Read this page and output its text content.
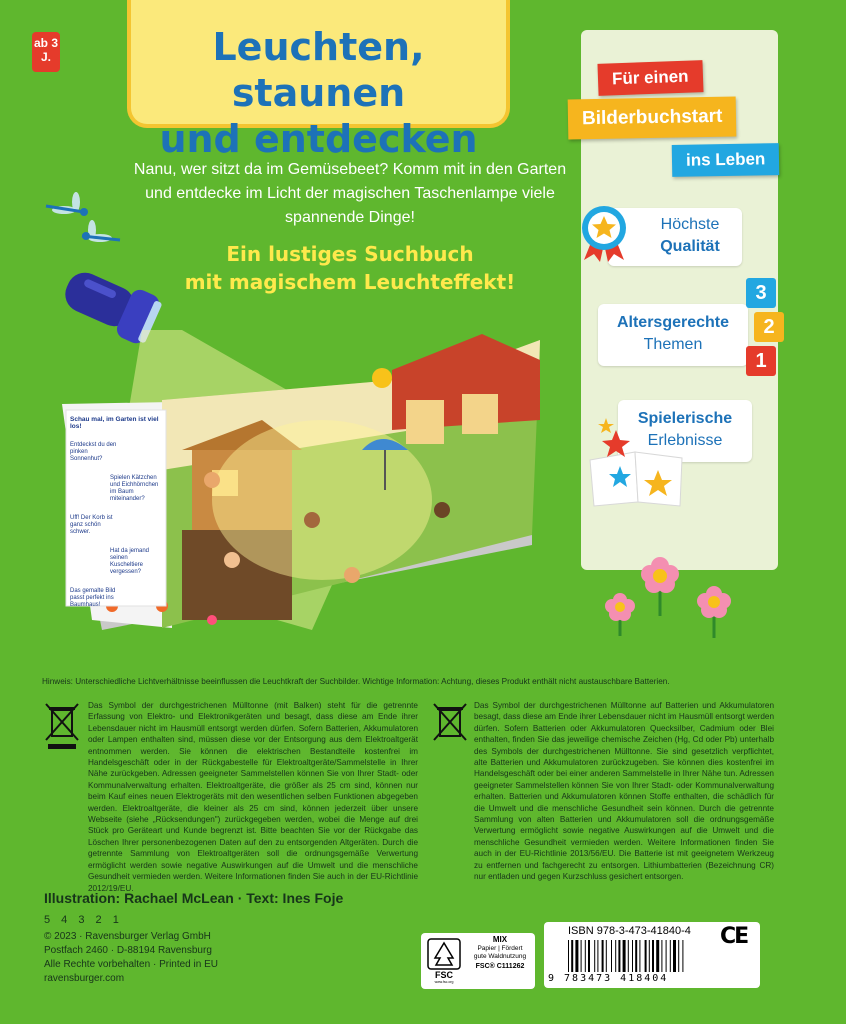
ab 3
J.	Leuchten, staunen
und entdecken
Nanu, wer sitzt da im Gemüsebeet? Komm mit in den Garten und entdecke im Licht der magischen Taschenlampe viele spannende Dinge!
Ein lustiges Suchbuch
mit magischem Leuchteffekt!
Schau mal, im Garten ist viel los!
Entdeckst du den pinken Sonnenhut?
Spielen Kätzchen und Eichhörnchen im Baum miteinander?
Uff! Der Korb ist ganz schön schwer.
Hat da jemand seinen Kuscheltiere vergessen?
Das gemalte Bild passt perfekt ins Baumhaus!
Für einen
Bilderbuchstart
ins Leben
Höchste
Qualität
Altersgerechte
Themen
3
2
1
Spielerische
Erlebnisse
Hinweis: Unterschiedliche Lichtverhältnisse beeinflussen die Leuchtkraft der Suchbilder. Wichtige Information: Achtung, dieses Produkt enthält nicht austauschbare Batterien.
Das Symbol der durchgestrichenen Mülltonne (mit Balken) steht für die getrennte Erfassung von Elektro- und Elektronikgeräten und besagt, dass diese am Ende ihrer Lebensdauer nicht im Hausmüll entsorgt werden dürfen. Sofern Batterien, Akkumulatoren oder Lampen enthalten sind, müssen diese vor der Entsorgung aus dem Elektroaltgerät entnommen werden. Sie können die elektrischen Bestandteile kostenfrei im Handelsgeschäft oder in der Rückgabestelle für Elektroaltgeräte/Sammelstelle in Ihrer Nähe zurückgeben. Adressen geeigneter Sammelstellen können Sie von Ihrer Stadt- oder Kommunalverwaltung erhalten. Elektroaltgeräte, die größer als 25 cm sind, können nur beim Kauf eines neuen Elektrogeräts mit den wesentlichen selben Funktionen abgegeben werden. Elektroaltgeräte, die kleiner als 25 cm sind, können jederzeit über unsere Webseite (siehe „Rücksendungen") zurückgegeben werden, wobei die Menge auf drei Stück pro Geräteart und Kunde begrenzt ist. Bitte beachten Sie vor der Rückgabe das Löschen Ihrer personenbezogenen Daten auf den zu entsorgenden Altgeräten. Durch die getrennte Sammlung von Elektroaltgeräten soll die ordnungsgemäße Verwertung ermöglicht werden sowie negative Auswirkungen auf die Umwelt und die menschliche Gesundheit vermieden werden. Weitere Informationen finden Sie auch in der EU-Richtlinie 2012/19/EU.
Das Symbol der durchgestrichenen Mülltonne auf Batterien und Akkumulatoren besagt, dass diese am Ende ihrer Lebensdauer nicht im Hausmüll entsorgt werden dürfen. Sofern Batterien oder Akkumulatoren Quecksilber, Cadmium oder Blei enthalten, finden Sie das jeweilige chemische Zeichen (Hg, Cd oder Pb) unterhalb des Symbols der durchgestrichenen Mülltonne. Sie sind gesetzlich verpflichtet, alte Batterien und Akkumulatoren zurückzugeben. Sie können dies kostenfrei im Handelsgeschäft oder bei einer anderen Sammelstelle in Ihrer Nähe tun. Adressen geeigneter Sammelstellen können Sie von Ihrer Stadt- oder Kommunalverwaltung erhalten. Batterien und Akkumulatoren können Stoffe enthalten, die schädlich für die Umwelt und die menschliche Gesundheit sein können. Durch die getrennte Sammlung von alten Batterien und Akkumulatoren soll die ordnungsgemäße Verwertung ermöglicht sowie negative Auswirkungen auf die Umwelt und die menschliche Gesundheit vermieden werden. Weitere Informationen finden Sie auch in der EU-Richtlinie 2013/56/EU. Die Batterie ist mit geeignetem Werkzeug zu entfernen und fachgerecht zu entsorgen. Lithiumbatterien (Bezeichnung CR) nur entladen und gegen Kurzschluss gesichert entsorgen.
Illustration: Rachael McLean · Text: Ines Foje
5 4 3 2 1
© 2023 · Ravensburger Verlag GmbH
Postfach 2460 · D-88194 Ravensburg
Alle Rechte vorbehalten · Printed in EU
ravensburger.com	FSC
www.fsc.org
MIX
Papier | Fördert
gute Waldnutzung
FSC® C111262
ISBN 978-3-473-41840-4
9 783473 418404
CE
